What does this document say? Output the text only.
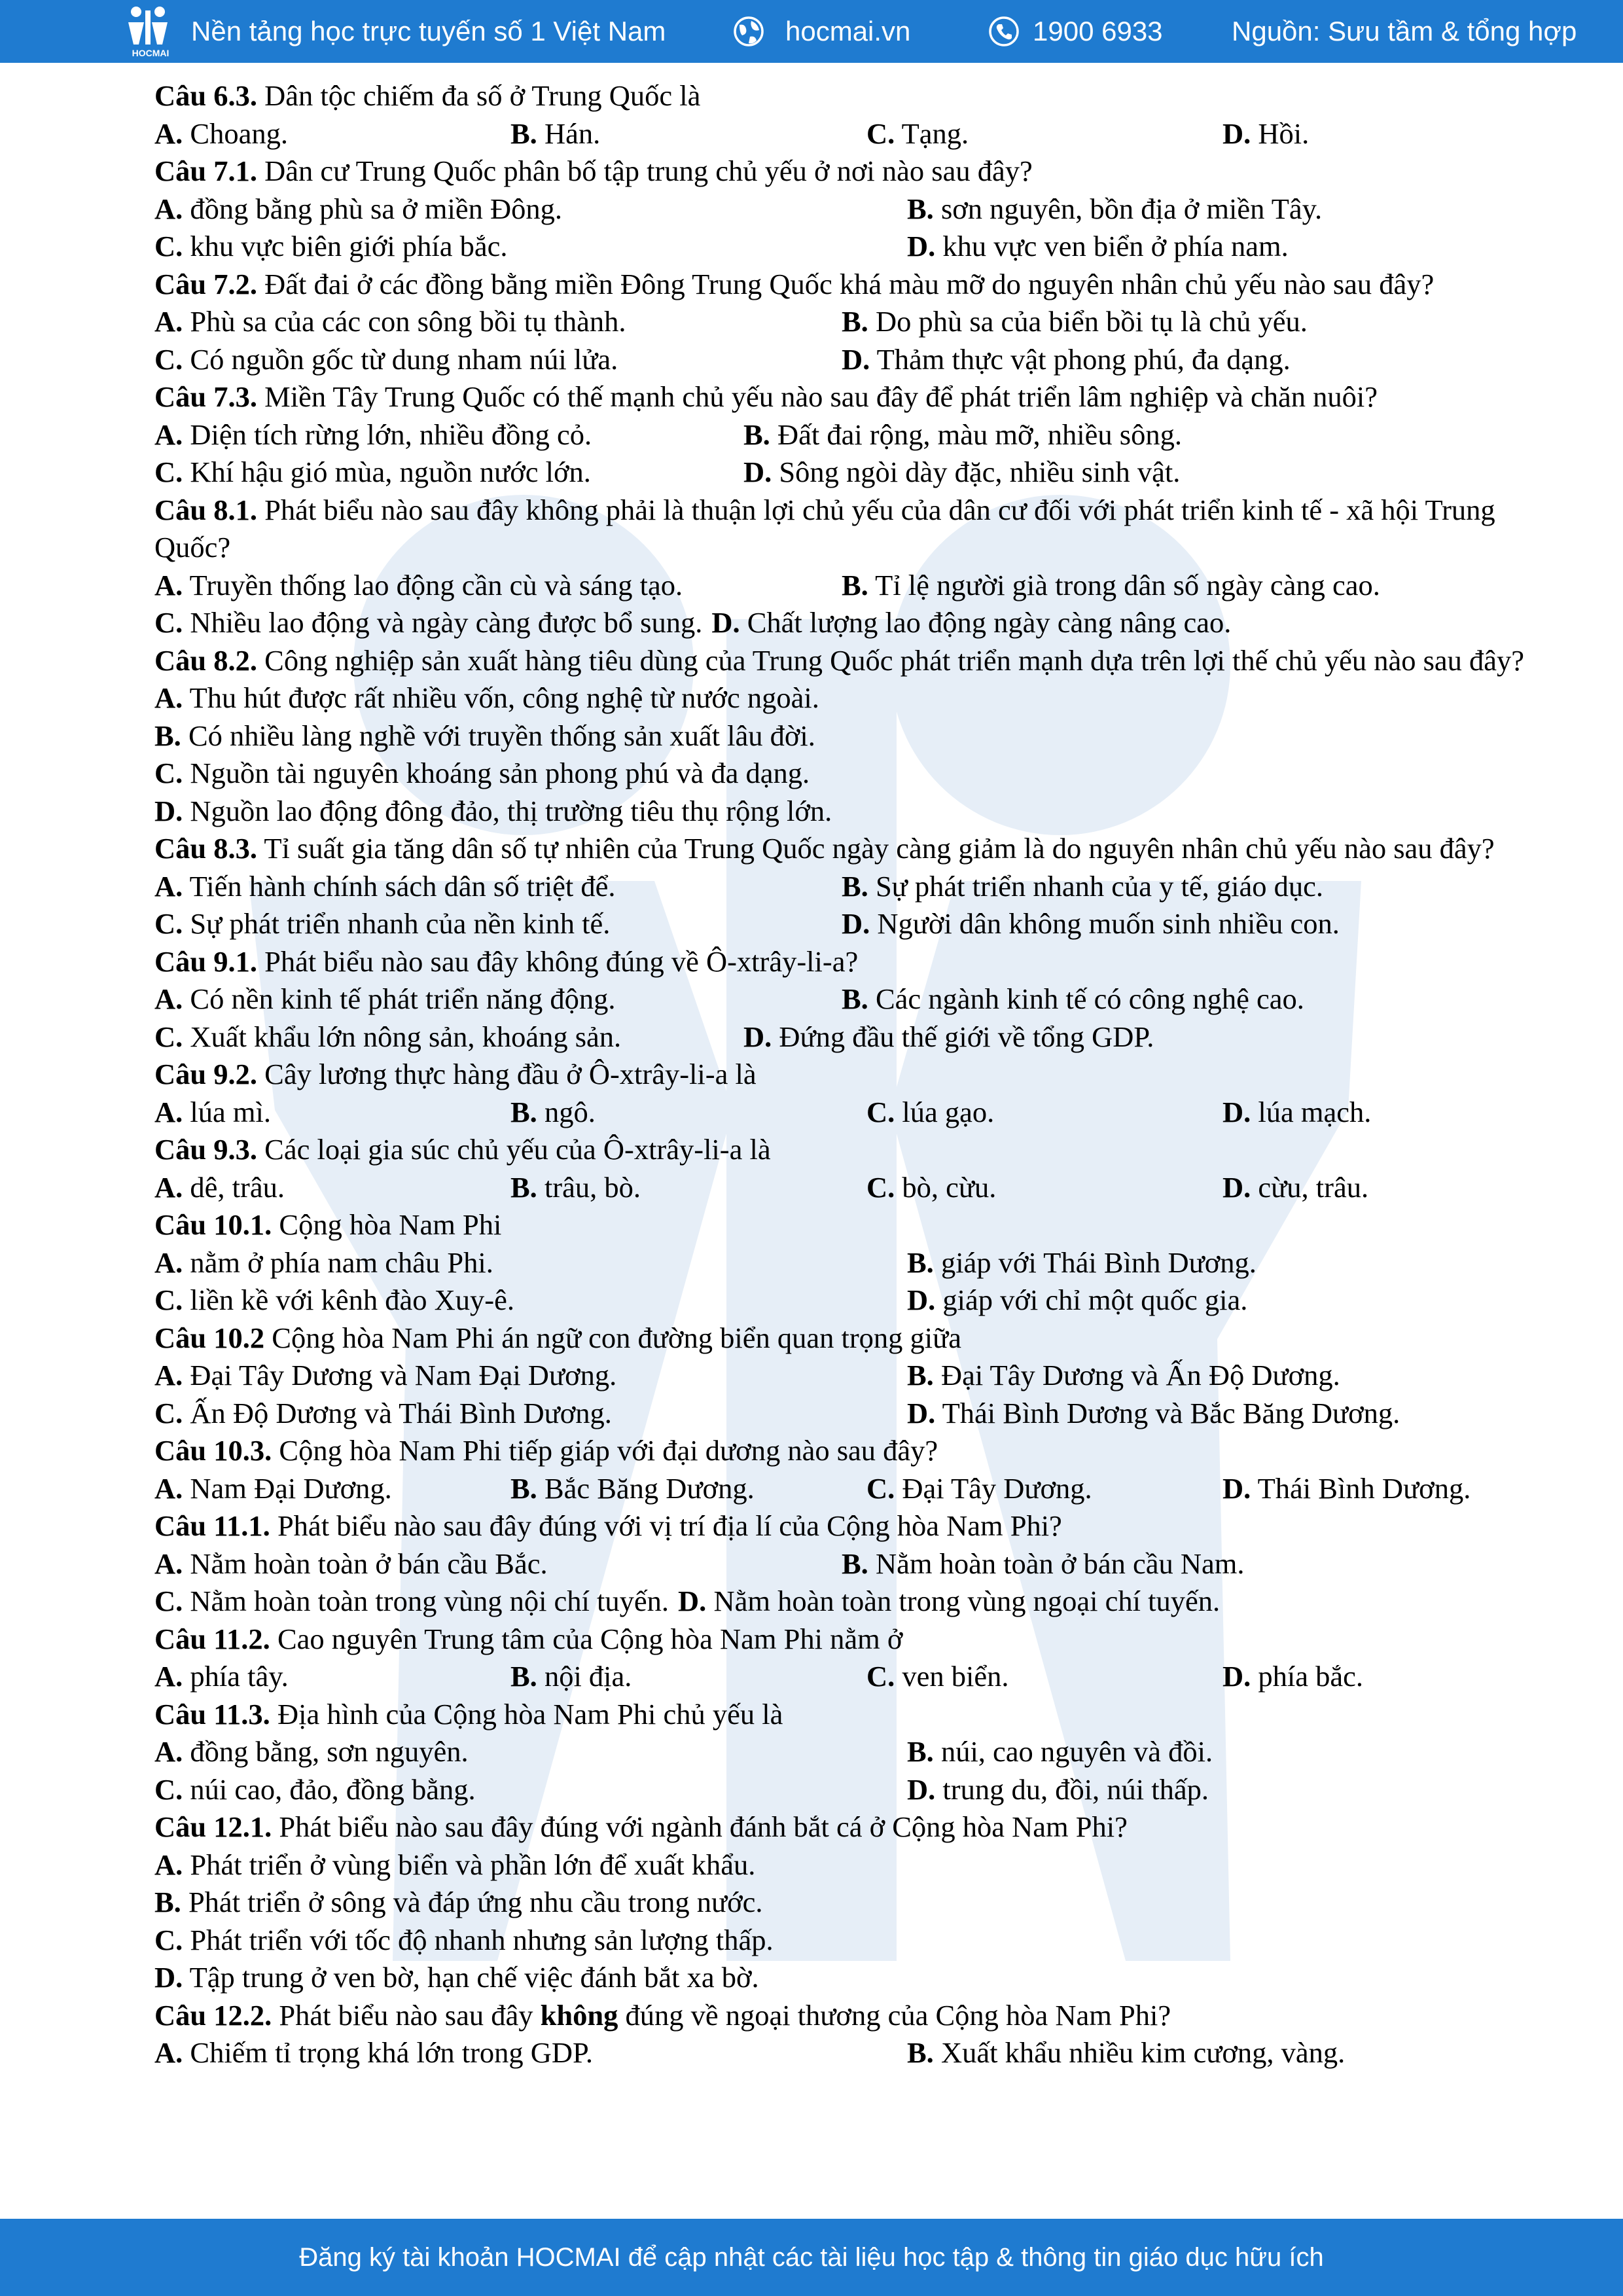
HOCMAI
Nền tảng học trực tuyến số 1 Việt Nam	hocmai.vn	1900 6933	Nguồn: Sưu tầm & tổng hợp

Câu 6.3. Dân tộc chiếm đa số ở Trung Quốc là

A. Choang.	B. Hán.	C. Tạng.	D. Hồi.

Câu 7.1. Dân cư Trung Quốc phân bố tập trung chủ yếu ở nơi nào sau đây?

A. đồng bằng phù sa ở miền Đông.	B. sơn nguyên, bồn địa ở miền Tây.
C. khu vực biên giới phía bắc.	D. khu vực ven biển ở phía nam.

Câu 7.2. Đất đai ở các đồng bằng miền Đông Trung Quốc khá màu mỡ do nguyên nhân chủ yếu nào sau đây?

A. Phù sa của các con sông bồi tụ thành.	B. Do phù sa của biển bồi tụ là chủ yếu.
C. Có nguồn gốc từ dung nham núi lửa.	D. Thảm thực vật phong phú, đa dạng.

Câu 7.3. Miền Tây Trung Quốc có thế mạnh chủ yếu nào sau đây để phát triển lâm nghiệp và chăn nuôi?

A. Diện tích rừng lớn, nhiều đồng cỏ.	B. Đất đai rộng, màu mỡ, nhiều sông.
C. Khí hậu gió mùa, nguồn nước lớn.	D. Sông ngòi dày đặc, nhiều sinh vật.

Câu 8.1. Phát biểu nào sau đây không phải là thuận lợi chủ yếu của dân cư đối với phát triển kinh tế - xã hội Trung Quốc?

A. Truyền thống lao động cần cù và sáng tạo.	B. Tỉ lệ người già trong dân số ngày càng cao.
C. Nhiều lao động và ngày càng được bổ sung. D. Chất lượng lao động ngày càng nâng cao.

Câu 8.2. Công nghiệp sản xuất hàng tiêu dùng của Trung Quốc phát triển mạnh dựa trên lợi thế chủ yếu nào sau đây?

A. Thu hút được rất nhiều vốn, công nghệ từ nước ngoài.
B. Có nhiều làng nghề với truyền thống sản xuất lâu đời.
C. Nguồn tài nguyên khoáng sản phong phú và đa dạng.
D. Nguồn lao động đông đảo, thị trường tiêu thụ rộng lớn.

Câu 8.3. Tỉ suất gia tăng dân số tự nhiên của Trung Quốc ngày càng giảm là do nguyên nhân chủ yếu nào sau đây?

A. Tiến hành chính sách dân số triệt để.	B. Sự phát triển nhanh của y tế, giáo dục.
C. Sự phát triển nhanh của nền kinh tế.	D. Người dân không muốn sinh nhiều con.

Câu 9.1. Phát biểu nào sau đây không đúng về Ô-xtrây-li-a?

A. Có nền kinh tế phát triển năng động.	B. Các ngành kinh tế có công nghệ cao.
C. Xuất khẩu lớn nông sản, khoáng sản.	D. Đứng đầu thế giới về tổng GDP.

Câu 9.2. Cây lương thực hàng đầu ở Ô-xtrây-li-a là

A. lúa mì.	B. ngô.	C. lúa gạo.	D. lúa mạch.

Câu 9.3. Các loại gia súc chủ yếu của Ô-xtrây-li-a là

A. dê, trâu.	B. trâu, bò.	C. bò, cừu.	D. cừu, trâu.

Câu 10.1. Cộng hòa Nam Phi

A. nằm ở phía nam châu Phi.	B. giáp với Thái Bình Dương.
C. liền kề với kênh đào Xuy-ê.	D. giáp với chỉ một quốc gia.

Câu 10.2 Cộng hòa Nam Phi án ngữ con đường biển quan trọng giữa

A. Đại Tây Dương và Nam Đại Dương.	B. Đại Tây Dương và Ấn Độ Dương.
C. Ấn Độ Dương và Thái Bình Dương.	D. Thái Bình Dương và Bắc Băng Dương.

Câu 10.3. Cộng hòa Nam Phi tiếp giáp với đại dương nào sau đây?

A. Nam Đại Dương.	B. Bắc Băng Dương.	C. Đại Tây Dương.	D. Thái Bình Dương.

Câu 11.1. Phát biểu nào sau đây đúng với vị trí địa lí của Cộng hòa Nam Phi?

A. Nằm hoàn toàn ở bán cầu Bắc.	B. Nằm hoàn toàn ở bán cầu Nam.
C. Nằm hoàn toàn trong vùng nội chí tuyến. D. Nằm hoàn toàn trong vùng ngoại chí tuyến.

Câu 11.2. Cao nguyên Trung tâm của Cộng hòa Nam Phi nằm ở

A. phía tây.	B. nội địa.	C. ven biển.	D. phía bắc.

Câu 11.3. Địa hình của Cộng hòa Nam Phi chủ yếu là

A. đồng bằng, sơn nguyên.	B. núi, cao nguyên và đồi.
C. núi cao, đảo, đồng bằng.	D. trung du, đồi, núi thấp.

Câu 12.1. Phát biểu nào sau đây đúng với ngành đánh bắt cá ở Cộng hòa Nam Phi?

A. Phát triển ở vùng biển và phần lớn để xuất khẩu.
B. Phát triển ở sông và đáp ứng nhu cầu trong nước.
C. Phát triển với tốc độ nhanh nhưng sản lượng thấp.
D. Tập trung ở ven bờ, hạn chế việc đánh bắt xa bờ.

Câu 12.2. Phát biểu nào sau đây không đúng về ngoại thương của Cộng hòa Nam Phi?

A. Chiếm tỉ trọng khá lớn trong GDP.	B. Xuất khẩu nhiều kim cương, vàng.
Đăng ký tài khoản HOCMAI để cập nhật các tài liệu học tập & thông tin giáo dục hữu ích
